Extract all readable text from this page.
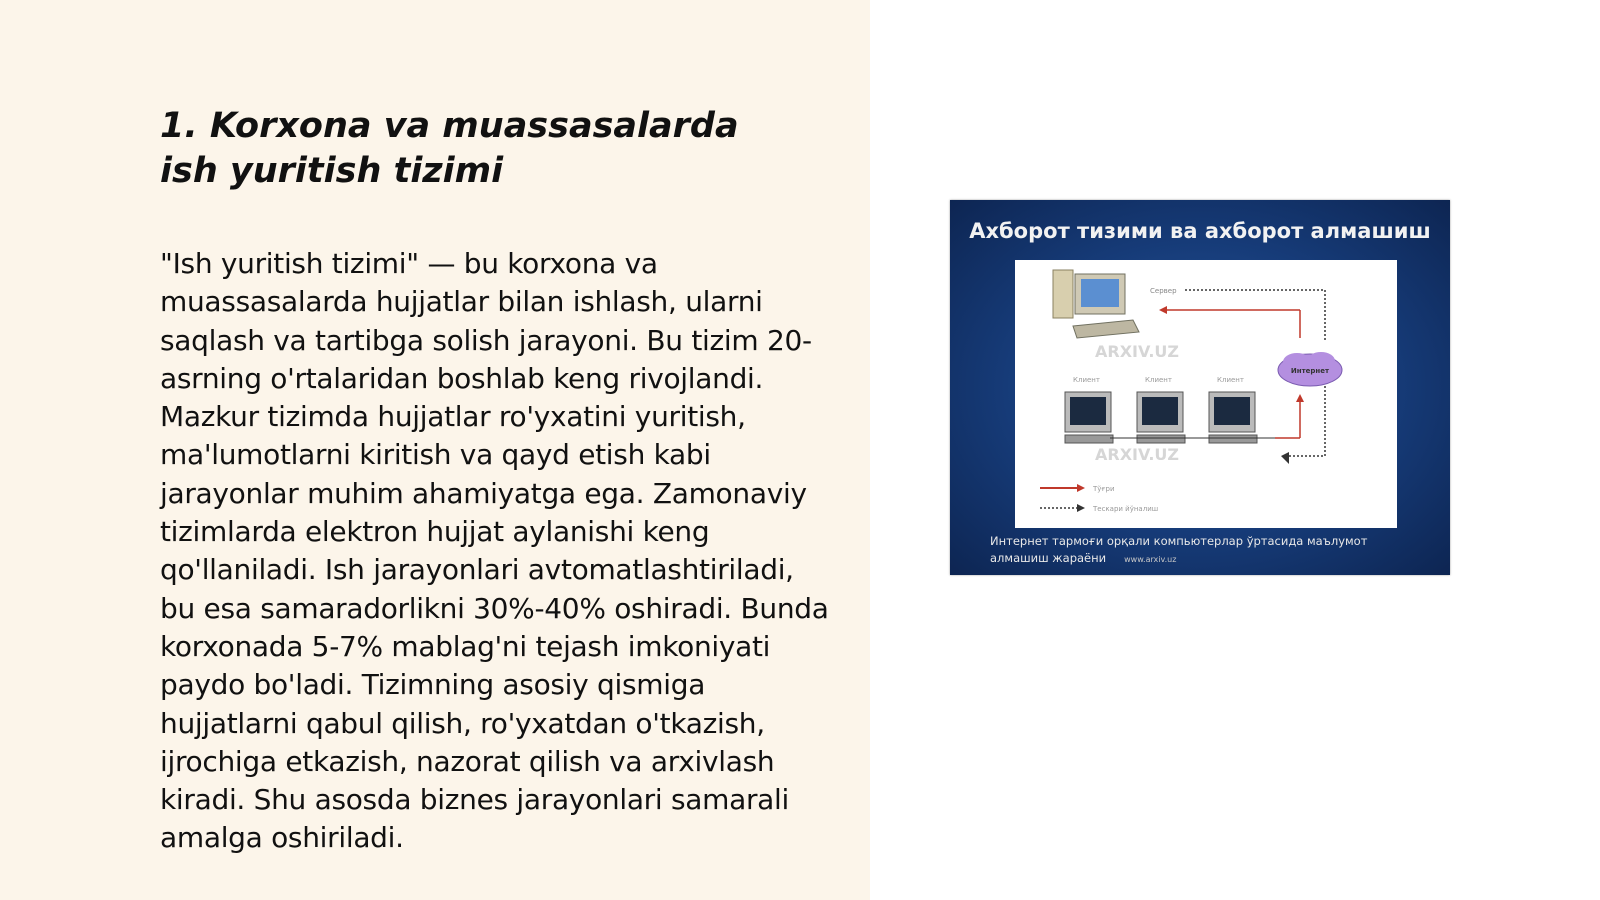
1. Korxona va muassasalarda ish yuritish tizimi

"Ish yuritish tizimi" — bu korxona va muassasalarda hujjatlar bilan ishlash, ularni saqlash va tartibga solish jarayoni. Bu tizim 20-asrning o'rtalaridan boshlab keng rivojlandi. Mazkur tizimda hujjatlar ro'yxatini yuritish, ma'lumotlarni kiritish va qayd etish kabi jarayonlar muhim ahamiyatga ega. Zamonaviy tizimlarda elektron hujjat aylanishi keng qo'llaniladi. Ish jarayonlari avtomatlashtiriladi, bu esa samaradorlikni 30%-40% oshiradi. Bunda korxonada 5-7% mablag'ni tejash imkoniyati paydo bo'ladi. Tizimning asosiy qismiga hujjatlarni qabul qilish, ro'yxatdan o'tkazish, ijrochiga etkazish, nazorat qilish va arxivlash kiradi. Shu asosda biznes jarayonlari samarali amalga oshiriladi.

Ахборот тизими ва ахборот алмашиш
Сервер
Интернет
ARXIV.UZ
ARXIV.UZ
Клиент	Клиент	Клиент
Тўғри
Тескари йўналиш
Интернет тармоғи орқали компьютерлар ўртасида маълумот
алмашиш жараёни www.arxiv.uz
